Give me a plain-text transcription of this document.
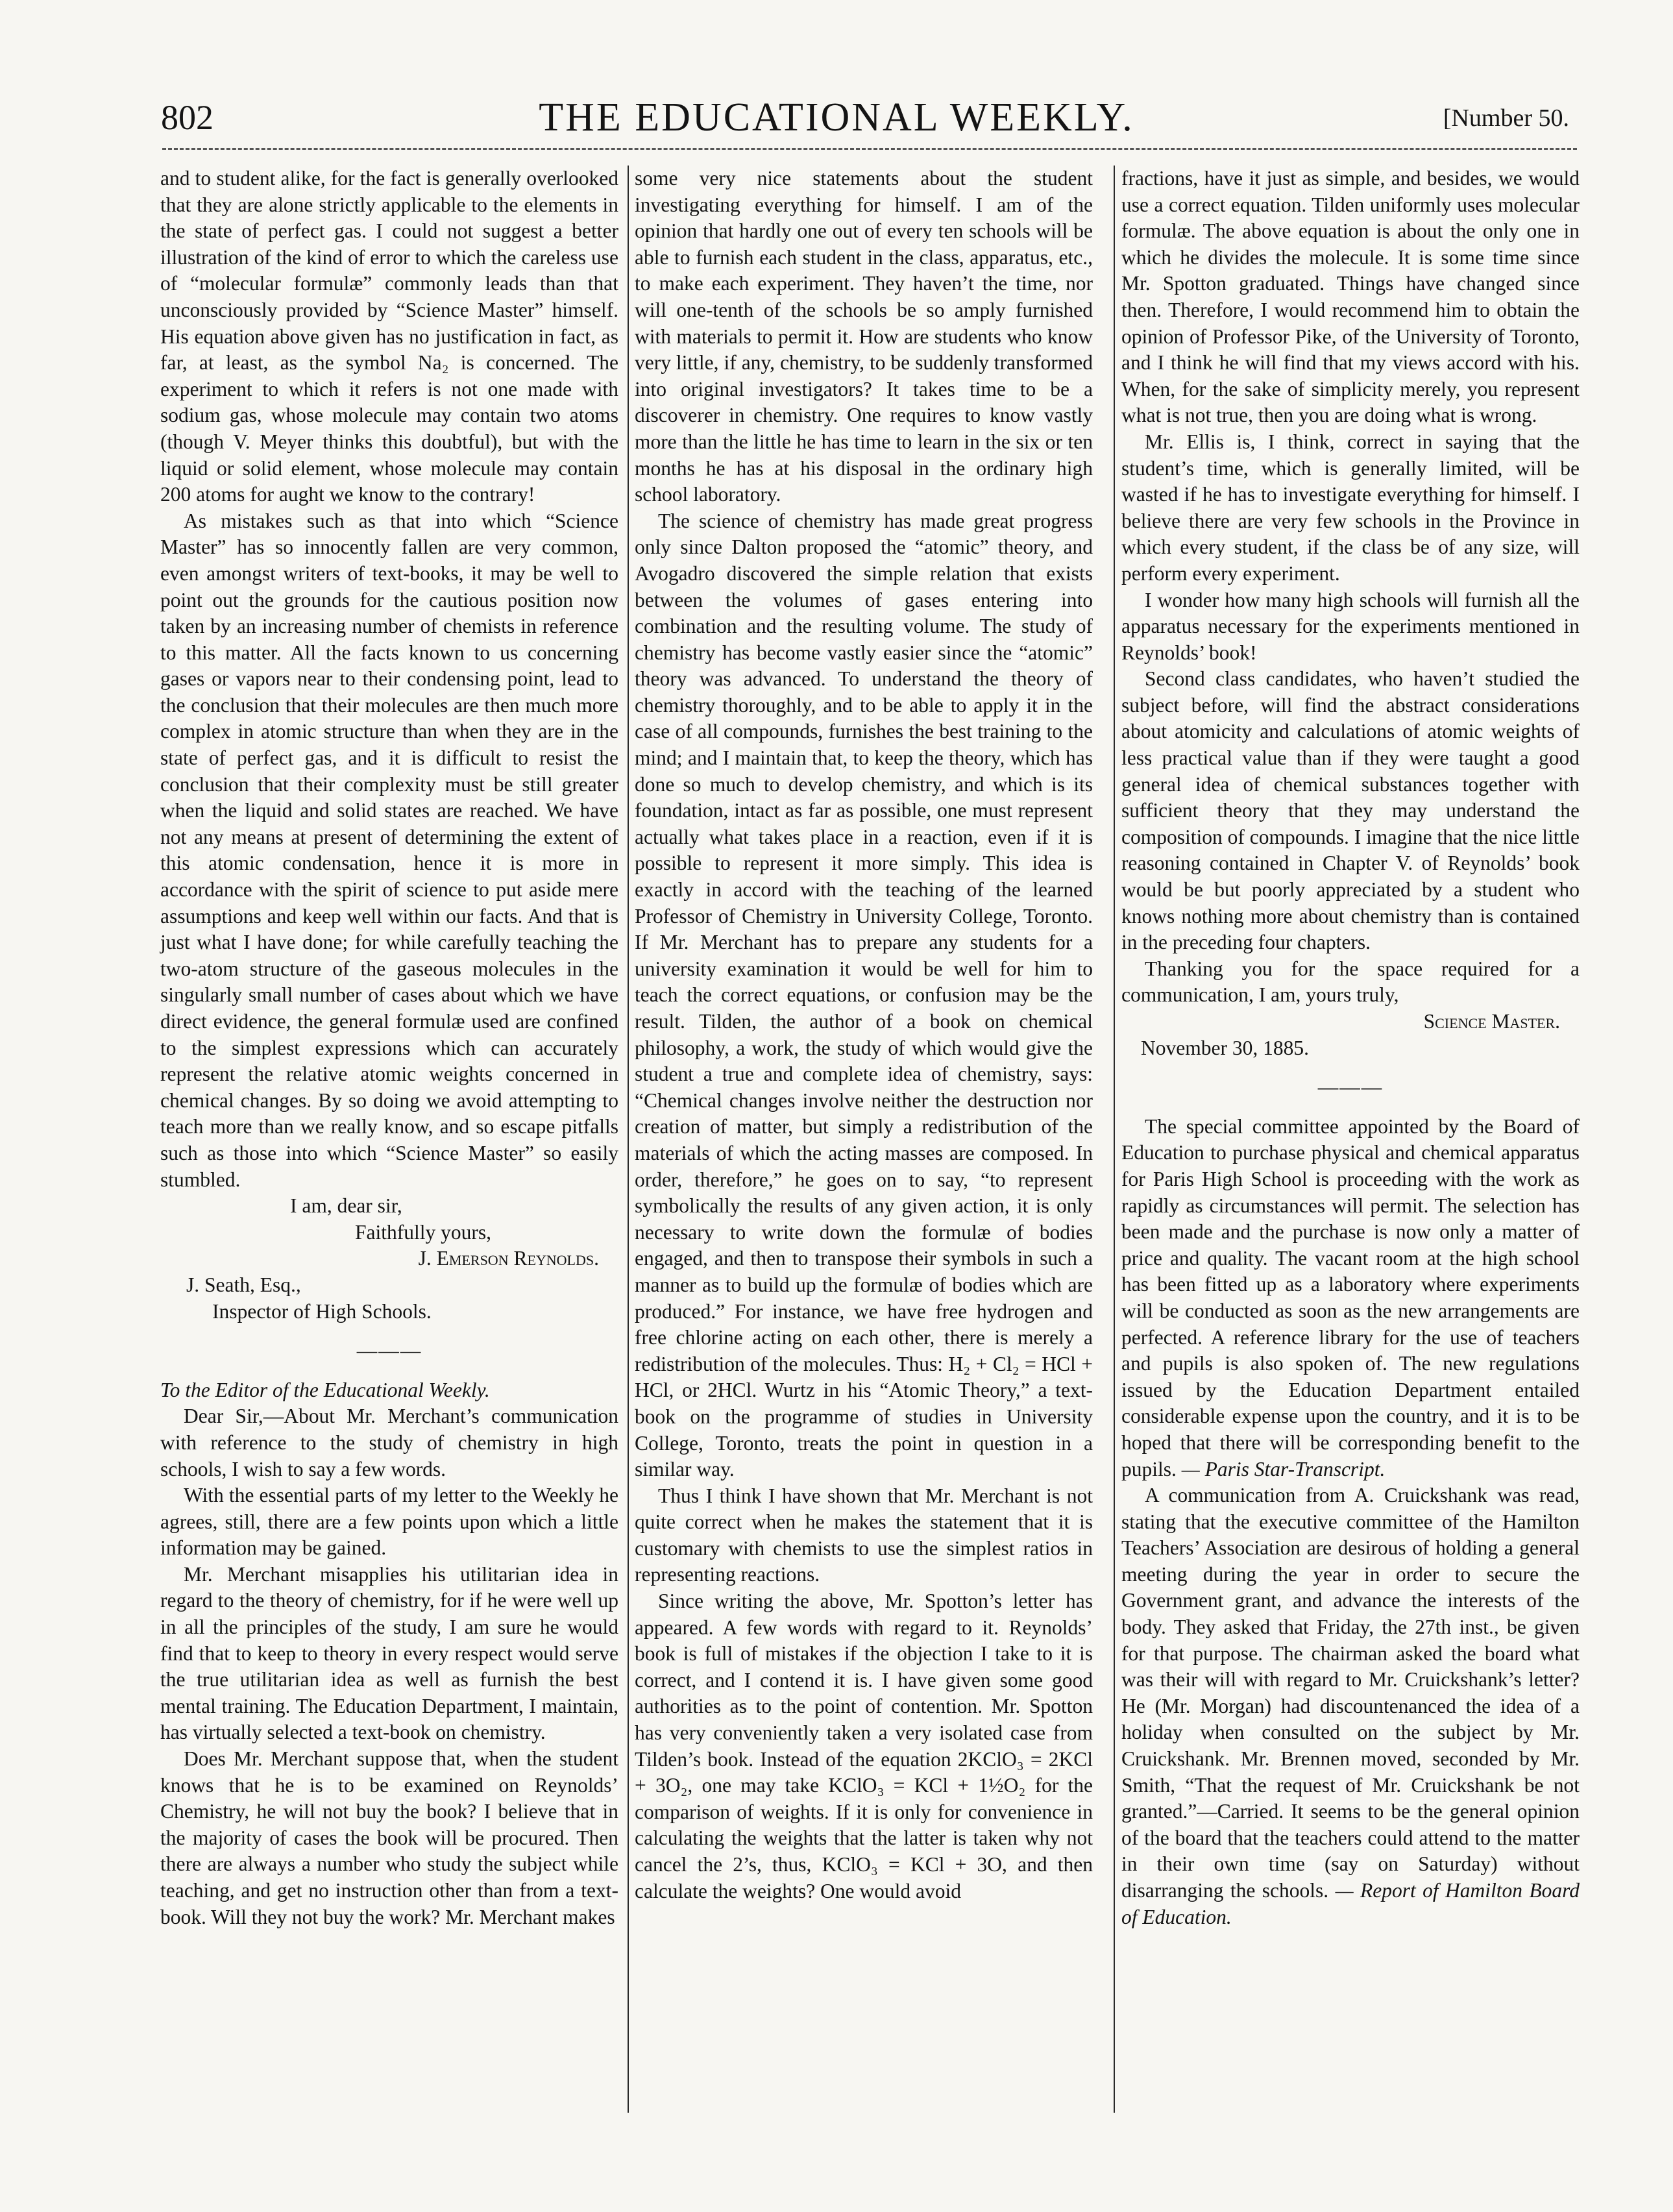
802	THE EDUCATIONAL WEEKLY.	[Number 50.

and to student alike, for the fact is generally overlooked that they are alone strictly applicable to the elements in the state of perfect gas. I could not suggest a better illustration of the kind of error to which the careless use of “molecular formulæ” commonly leads than that unconsciously provided by “Science Master” himself. His equation above given has no justification in fact, as far, at least, as the symbol Na₂ is concerned. The experiment to which it refers is not one made with sodium gas, whose molecule may contain two atoms (though V. Meyer thinks this doubtful), but with the liquid or solid element, whose molecule may contain 200 atoms for aught we know to the contrary!

As mistakes such as that into which “Science Master” has so innocently fallen are very common, even amongst writers of text-books, it may be well to point out the grounds for the cautious position now taken by an increasing number of chemists in reference to this matter. All the facts known to us concerning gases or vapors near to their condensing point, lead to the conclusion that their molecules are then much more complex in atomic structure than when they are in the state of perfect gas, and it is difficult to resist the conclusion that their complexity must be still greater when the liquid and solid states are reached. We have not any means at present of determining the extent of this atomic condensation, hence it is more in accordance with the spirit of science to put aside mere assumptions and keep well within our facts. And that is just what I have done; for while carefully teaching the two-atom structure of the gaseous molecules in the singularly small number of cases about which we have direct evidence, the general formulæ used are confined to the simplest expressions which can accurately represent the relative atomic weights concerned in chemical changes. By so doing we avoid attempting to teach more than we really know, and so escape pitfalls such as those into which “Science Master” so easily stumbled.

I am, dear sir,

Faithfully yours,

J. Emerson Reynolds.

J. Seath, Esq.,

Inspector of High Schools.

———

To the Editor of the Educational Weekly.

Dear Sir,—About Mr. Merchant’s communication with reference to the study of chemistry in high schools, I wish to say a few words.

With the essential parts of my letter to the Weekly he agrees, still, there are a few points upon which a little information may be gained.

Mr. Merchant misapplies his utilitarian idea in regard to the theory of chemistry, for if he were well up in all the principles of the study, I am sure he would find that to keep to theory in every respect would serve the true utilitarian idea as well as furnish the best mental training. The Education Department, I maintain, has virtually selected a text-book on chemistry.

Does Mr. Merchant suppose that, when the student knows that he is to be examined on Reynolds’ Chemistry, he will not buy the book? I believe that in the majority of cases the book will be procured. Then there are always a number who study the subject while teaching, and get no instruction other than from a text-book. Will they not buy the work? Mr. Merchant makes

some very nice statements about the student investigating everything for himself. I am of the opinion that hardly one out of every ten schools will be able to furnish each student in the class, apparatus, etc., to make each experiment. They haven’t the time, nor will one-tenth of the schools be so amply furnished with materials to permit it. How are students who know very little, if any, chemistry, to be suddenly transformed into original investigators? It takes time to be a discoverer in chemistry. One requires to know vastly more than the little he has time to learn in the six or ten months he has at his disposal in the ordinary high school laboratory.

The science of chemistry has made great progress only since Dalton proposed the “atomic” theory, and Avogadro discovered the simple relation that exists between the volumes of gases entering into combination and the resulting volume. The study of chemistry has become vastly easier since the “atomic” theory was advanced. To understand the theory of chemistry thoroughly, and to be able to apply it in the case of all compounds, furnishes the best training to the mind; and I maintain that, to keep the theory, which has done so much to develop chemistry, and which is its foundation, intact as far as possible, one must represent actually what takes place in a reaction, even if it is possible to represent it more simply. This idea is exactly in accord with the teaching of the learned Professor of Chemistry in University College, Toronto. If Mr. Merchant has to prepare any students for a university examination it would be well for him to teach the correct equations, or confusion may be the result. Tilden, the author of a book on chemical philosophy, a work, the study of which would give the student a true and complete idea of chemistry, says: “Chemical changes involve neither the destruction nor creation of matter, but simply a redistribution of the materials of which the acting masses are composed. In order, therefore,” he goes on to say, “to represent symbolically the results of any given action, it is only necessary to write down the formulæ of bodies engaged, and then to transpose their symbols in such a manner as to build up the formulæ of bodies which are produced.” For instance, we have free hydrogen and free chlorine acting on each other, there is merely a redistribution of the molecules. Thus: H₂ + Cl₂ = HCl + HCl, or 2HCl. Wurtz in his “Atomic Theory,” a text-book on the programme of studies in University College, Toronto, treats the point in question in a similar way.

Thus I think I have shown that Mr. Merchant is not quite correct when he makes the statement that it is customary with chemists to use the simplest ratios in representing reactions.

Since writing the above, Mr. Spotton’s letter has appeared. A few words with regard to it. Reynolds’ book is full of mistakes if the objection I take to it is correct, and I contend it is. I have given some good authorities as to the point of contention. Mr. Spotton has very conveniently taken a very isolated case from Tilden’s book. Instead of the equation 2KClO₃ = 2KCl + 3O₂, one may take KClO₃ = KCl + 1½O₂ for the comparison of weights. If it is only for convenience in calculating the weights that the latter is taken why not cancel the 2’s, thus, KClO₃ = KCl + 3O, and then calculate the weights? One would avoid

fractions, have it just as simple, and besides, we would use a correct equation. Tilden uniformly uses molecular formulæ. The above equation is about the only one in which he divides the molecule. It is some time since Mr. Spotton graduated. Things have changed since then. Therefore, I would recommend him to obtain the opinion of Professor Pike, of the University of Toronto, and I think he will find that my views accord with his. When, for the sake of simplicity merely, you represent what is not true, then you are doing what is wrong.

Mr. Ellis is, I think, correct in saying that the student’s time, which is generally limited, will be wasted if he has to investigate everything for himself. I believe there are very few schools in the Province in which every student, if the class be of any size, will perform every experiment.

I wonder how many high schools will furnish all the apparatus necessary for the experiments mentioned in Reynolds’ book!

Second class candidates, who haven’t studied the subject before, will find the abstract considerations about atomicity and calculations of atomic weights of less practical value than if they were taught a good general idea of chemical substances together with sufficient theory that they may understand the composition of compounds. I imagine that the nice little reasoning contained in Chapter V. of Reynolds’ book would be but poorly appreciated by a student who knows nothing more about chemistry than is contained in the preceding four chapters.

Thanking you for the space required for a communication, I am, yours truly,

Science Master.

November 30, 1885.

———

The special committee appointed by the Board of Education to purchase physical and chemical apparatus for Paris High School is proceeding with the work as rapidly as circumstances will permit. The selection has been made and the purchase is now only a matter of price and quality. The vacant room at the high school has been fitted up as a laboratory where experiments will be conducted as soon as the new arrangements are perfected. A reference library for the use of teachers and pupils is also spoken of. The new regulations issued by the Education Department entailed considerable expense upon the country, and it is to be hoped that there will be corresponding benefit to the pupils. — Paris Star-Transcript.

A communication from A. Cruickshank was read, stating that the executive committee of the Hamilton Teachers’ Association are desirous of holding a general meeting during the year in order to secure the Government grant, and advance the interests of the body. They asked that Friday, the 27th inst., be given for that purpose. The chairman asked the board what was their will with regard to Mr. Cruickshank’s letter? He (Mr. Morgan) had discountenanced the idea of a holiday when consulted on the subject by Mr. Cruickshank. Mr. Brennen moved, seconded by Mr. Smith, “That the request of Mr. Cruickshank be not granted.”—Carried. It seems to be the general opinion of the board that the teachers could attend to the matter in their own time (say on Saturday) without disarranging the schools. — Report of Hamilton Board of Education.
